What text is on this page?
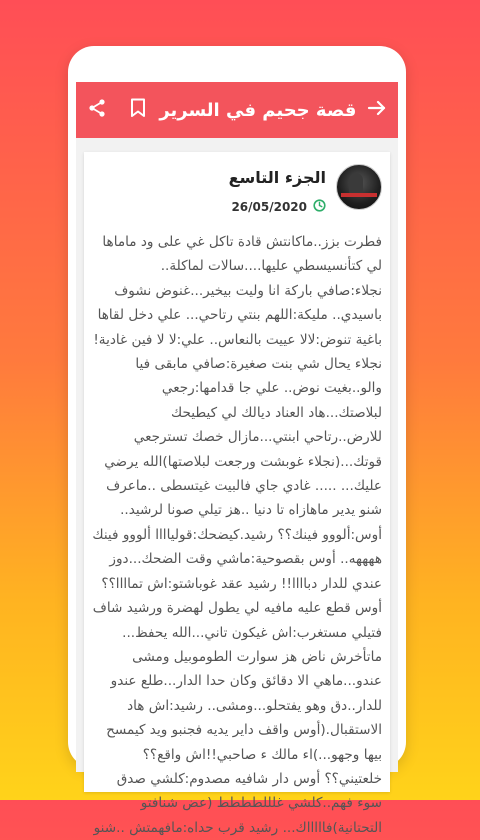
قصة جحيم في السرير
الجزء التاسع
26/05/2020
فطرت بزز..ماكانتش قادة تاكل غي على ود ماماها لي كتأنسيسطي عليها....سالات لماكلة.. نجلاء:صافي باركة انا وليت بيخير...غنوض نشوف باسيدي.. مليكة:اللهم بنتي رتاحي... علي دخل لقاها باغية تنوض:لالا عييت بالنعاس.. علي:لا لا فين غادية! نجلاء يحال شي بنت صغيرة:صافي مابقى فيا والو..بغيت نوض.. علي جا قدامها:رجعي لبلاصتك...هاد العناد ديالك لي كيطيحك للارض..رتاحي ابنتي...مازال خصك تسترجعي قوتك...(نجلاء غوبشت ورجعت لبلاصتها)الله يرضي عليك... ..... غادي جاي فالبيت غيتسطى ..ماعرف شنو يدير ماهازاه تا دنيا ..هز تيلي صونا لرشيد.. أوس:ألووو فينك؟؟ رشيد.كيضحك:قولياااا ألووو فينك ههههه.. أوس بقصوحية:ماشي وقت الضحك...دوز عندي للدار دباااا!! رشيد عقد غوباشتو:اش تماااا؟؟ أوس قطع عليه مافيه لي يطول لهضرة ورشيد شاف فتيلي مستغرب:اش غيكون تاني...الله يحفظ... ماتأخرش ناض هز سوارت الطوموبيل ومشى عندو...ماهي الا دقائق وكان حدا الدار...طلع عندو للدار..دق وهو يفتحلو...ومشى.. رشيد:اش هاد الاستقبال.(أوس واقف داير يديه فجنبو ويد كيمسح بيها وجهو...)اء مالك ء صاحبي!!اش واقع؟؟خلعتيني؟؟ أوس دار شافيه مصدوم:كلشي صدق سوء فهم..كلشي غلللطططط (عض شنافتو التحتانية)فاااااك... رشيد قرب حداه:مافهمتش ..شنو
